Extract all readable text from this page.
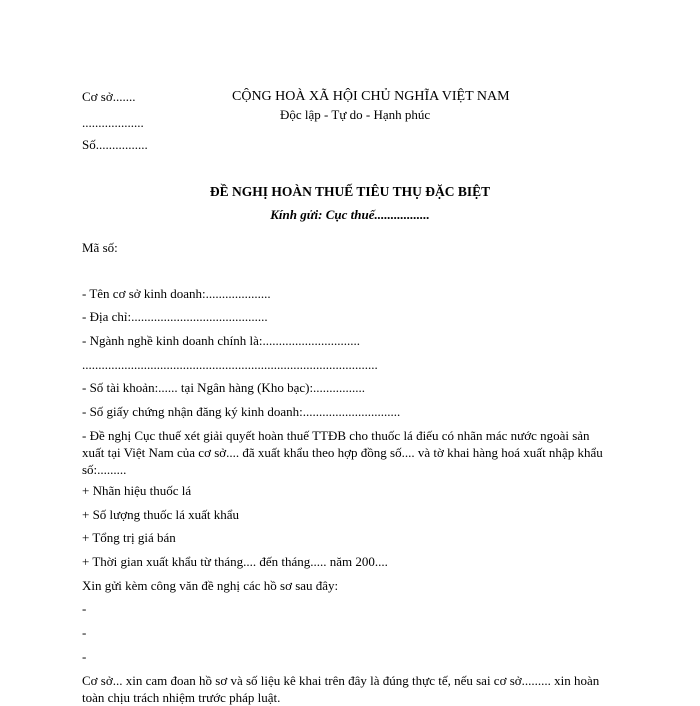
Cơ sở.......
...................
Số................
CỘNG HOÀ XÃ HỘI CHỦ NGHĨA VIỆT NAM
Độc lập - Tự do - Hạnh phúc
ĐỀ NGHỊ HOÀN THUẾ TIÊU THỤ ĐẶC BIỆT
Kính gửi: Cục thuế.................
Mã số:
- Tên cơ sở kinh doanh:....................
- Địa chỉ:..........................................
- Ngành nghề kinh doanh chính là:..............................
...........................................................................................
- Số tài khoản:...... tại Ngân hàng (Kho bạc):................
- Số giấy chứng nhận đăng ký kinh doanh:..............................
- Đề nghị Cục thuế xét giải quyết hoàn thuế TTĐB cho thuốc lá điếu có nhãn mác nước ngoài sản xuất tại Việt Nam của cơ sở.... đã xuất khẩu theo hợp đồng số.... và tờ khai hàng hoá xuất nhập khẩu số:.........
+ Nhãn hiệu thuốc lá
+ Số lượng thuốc lá xuất khẩu
+ Tổng trị giá bán
+ Thời gian xuất khẩu từ tháng.... đến tháng..... năm 200....
Xin gửi kèm công văn đề nghị các hồ sơ sau đây:
-
-
-
Cơ sở... xin cam đoan hồ sơ và số liệu kê khai trên đây là đúng thực tế, nếu sai cơ sở......... xin hoàn toàn chịu trách nhiệm trước pháp luật.
